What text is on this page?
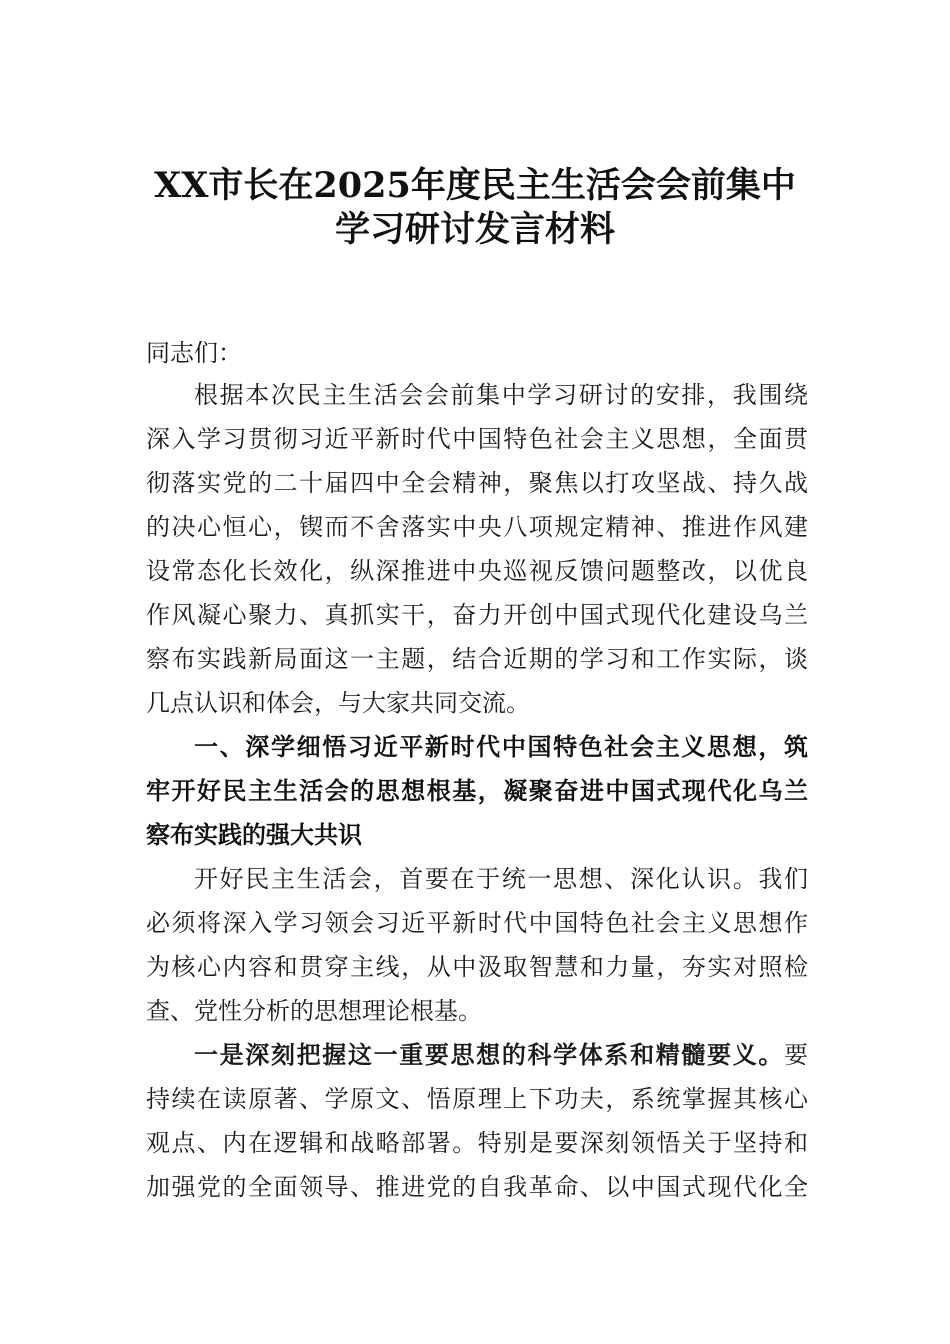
XX市长在2025年度民主生活会会前集中
学习研讨发言材料
同志们：
根据本次民主生活会会前集中学习研讨的安排，我围绕
深入学习贯彻习近平新时代中国特色社会主义思想，全面贯
彻落实党的二十届四中全会精神，聚焦以打攻坚战、持久战
的决心恒心，锲而不舍落实中央八项规定精神、推进作风建
设常态化长效化，纵深推进中央巡视反馈问题整改，以优良
作风凝心聚力、真抓实干，奋力开创中国式现代化建设乌兰
察布实践新局面这一主题，结合近期的学习和工作实际，谈
几点认识和体会，与大家共同交流。
一、深学细悟习近平新时代中国特色社会主义思想，筑
牢开好民主生活会的思想根基，凝聚奋进中国式现代化乌兰
察布实践的强大共识
开好民主生活会，首要在于统一思想、深化认识。我们
必须将深入学习领会习近平新时代中国特色社会主义思想作
为核心内容和贯穿主线，从中汲取智慧和力量，夯实对照检
查、党性分析的思想理论根基。
一是深刻把握这一重要思想的科学体系和精髓要义。要
持续在读原著、学原文、悟原理上下功夫，系统掌握其核心
观点、内在逻辑和战略部署。特别是要深刻领悟关于坚持和
加强党的全面领导、推进党的自我革命、以中国式现代化全
